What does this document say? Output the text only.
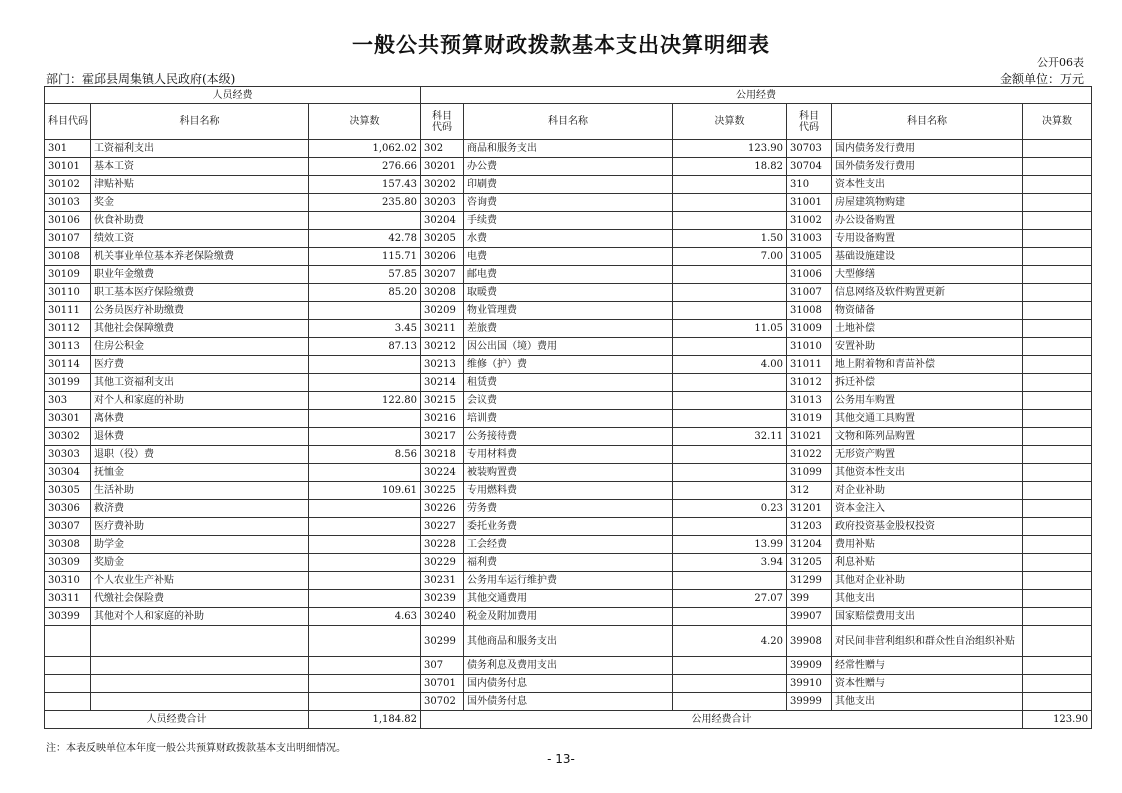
一般公共预算财政拨款基本支出决算明细表
公开06表
部门：霍邱县周集镇人民政府(本级)	金额单位：万元
人员经费			公用经费					
科目代码	科目名称	决算数	科目
代码	科目名称	决算数	科目
代码	科目名称	决算数
301	工资福利支出	1,062.02	302	商品和服务支出	123.90	30703	国内债务发行费用	
30101	基本工资	276.66	30201	办公费	18.82	30704	国外债务发行费用	
30102	津贴补贴	157.43	30202	印刷费		310	资本性支出	
30103	奖金	235.80	30203	咨询费		31001	房屋建筑物购建	
30106	伙食补助费		30204	手续费		31002	办公设备购置	
30107	绩效工资	42.78	30205	水费	1.50	31003	专用设备购置	
30108	机关事业单位基本养老保险缴费	115.71	30206	电费	7.00	31005	基础设施建设	
30109	职业年金缴费	57.85	30207	邮电费		31006	大型修缮	
30110	职工基本医疗保险缴费	85.20	30208	取暖费		31007	信息网络及软件购置更新	
30111	公务员医疗补助缴费		30209	物业管理费		31008	物资储备	
30112	其他社会保障缴费	3.45	30211	差旅费	11.05	31009	土地补偿	
30113	住房公积金	87.13	30212	因公出国（境）费用		31010	安置补助	
30114	医疗费		30213	维修（护）费	4.00	31011	地上附着物和青苗补偿	
30199	其他工资福利支出		30214	租赁费		31012	拆迁补偿	
303	对个人和家庭的补助	122.80	30215	会议费		31013	公务用车购置	
30301	离休费		30216	培训费		31019	其他交通工具购置	
30302	退休费		30217	公务接待费	32.11	31021	文物和陈列品购置	
30303	退职（役）费	8.56	30218	专用材料费		31022	无形资产购置	
30304	抚恤金		30224	被装购置费		31099	其他资本性支出	
30305	生活补助	109.61	30225	专用燃料费		312	对企业补助	
30306	救济费		30226	劳务费	0.23	31201	资本金注入	
30307	医疗费补助		30227	委托业务费		31203	政府投资基金股权投资	
30308	助学金		30228	工会经费	13.99	31204	费用补贴	
30309	奖励金		30229	福利费	3.94	31205	利息补贴	
30310	个人农业生产补贴		30231	公务用车运行维护费		31299	其他对企业补助	
30311	代缴社会保险费		30239	其他交通费用	27.07	399	其他支出	
30399	其他对个人和家庭的补助	4.63	30240	税金及附加费用		39907	国家赔偿费用支出	
			30299	其他商品和服务支出	4.20	39908	对民间非营利组织和群众性自治组织补贴	
			307	债务利息及费用支出		39909	经常性赠与	
			30701	国内债务付息		39910	资本性赠与	
			30702	国外债务付息		39999	其他支出	
人员经费合计		1,184.82	公用经费合计					123.90
注：本表反映单位本年度一般公共预算财政拨款基本支出明细情况。
- 13-
